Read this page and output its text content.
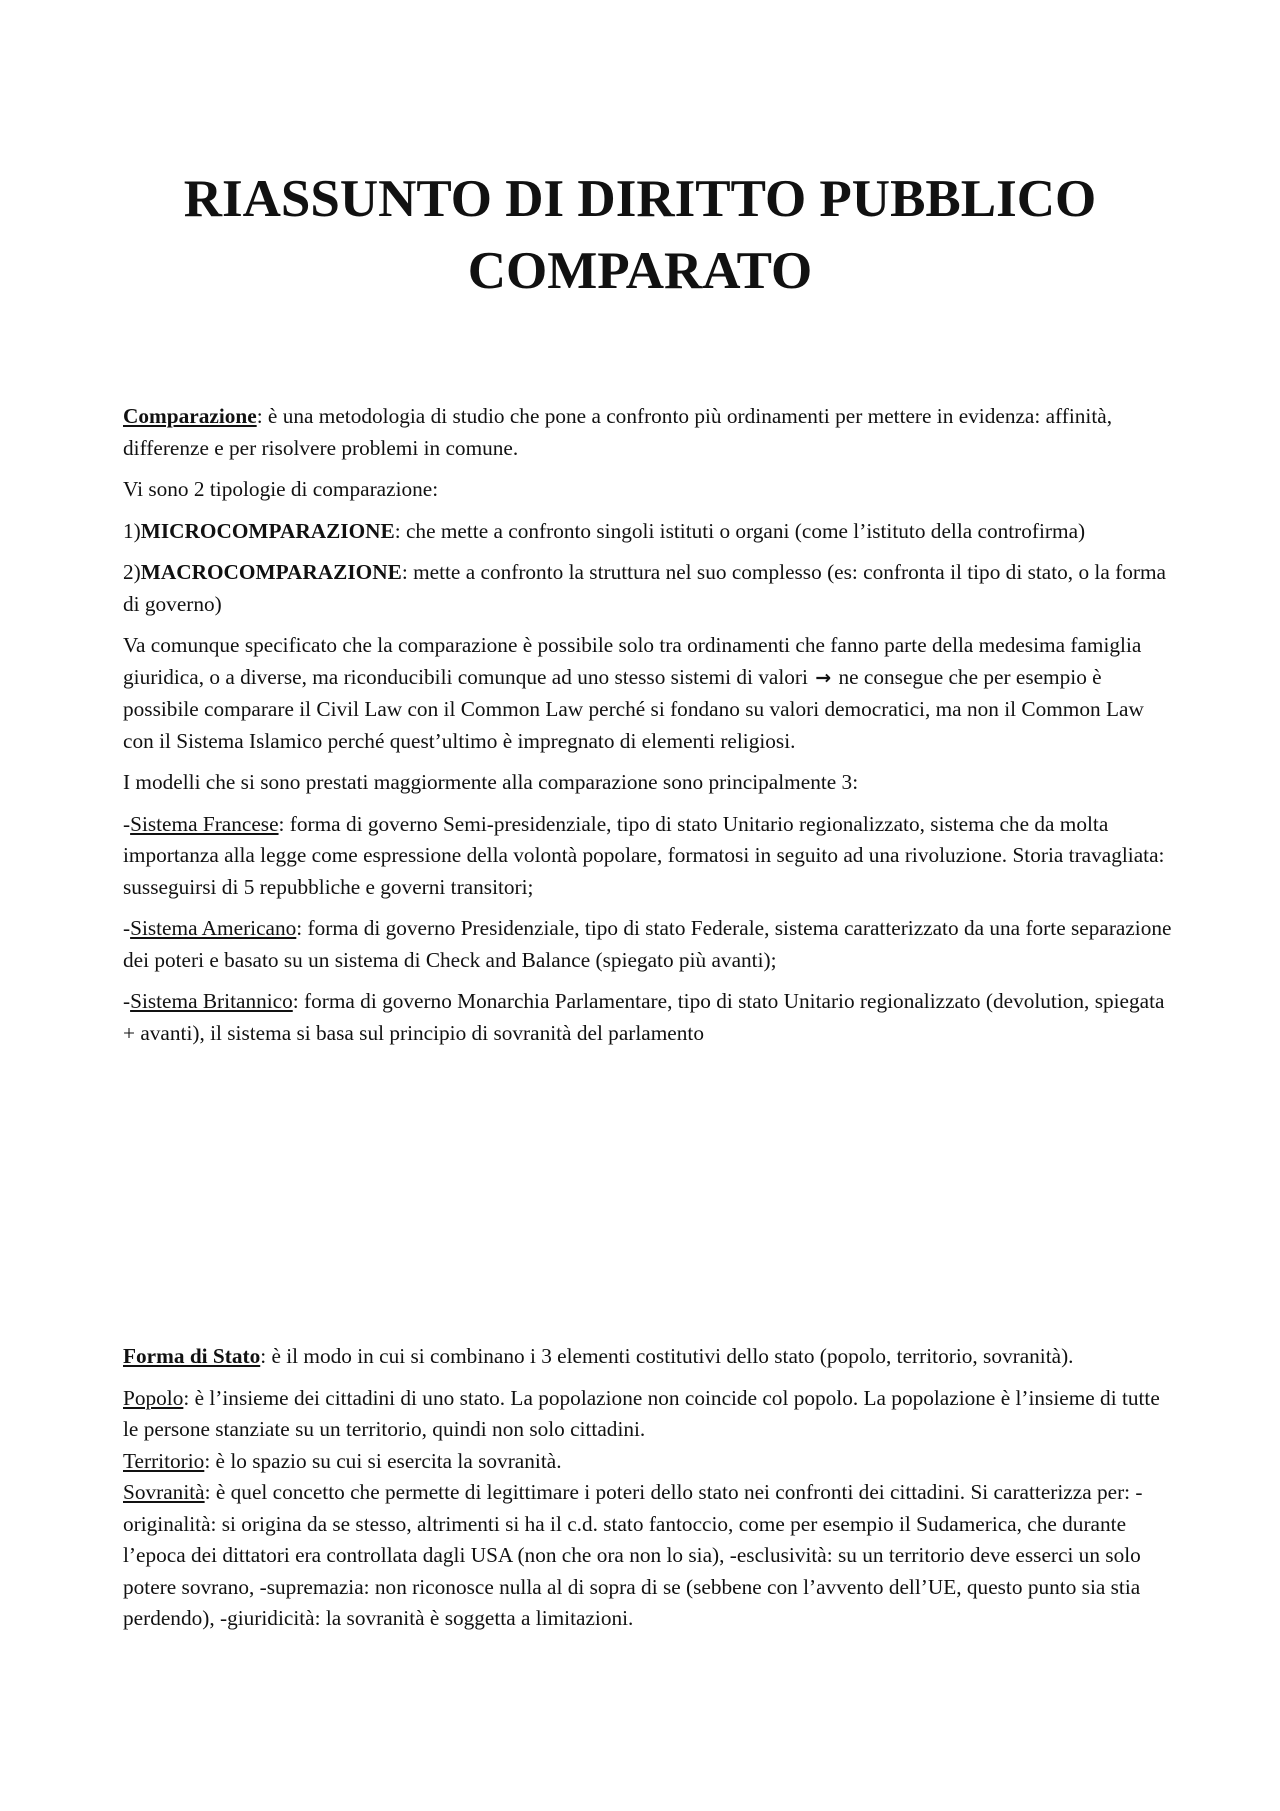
RIASSUNTO DI DIRITTO PUBBLICO
COMPARATO

Comparazione: è una metodologia di studio che pone a confronto più ordinamenti per mettere in evidenza: affinità, differenze e per risolvere problemi in comune.

Vi sono 2 tipologie di comparazione:

1)MICROCOMPARAZIONE: che mette a confronto singoli istituti o organi (come l’istituto della controfirma)

2)MACROCOMPARAZIONE: mette a confronto la struttura nel suo complesso (es: confronta il tipo di stato, o la forma di governo)

Va comunque specificato che la comparazione è possibile solo tra ordinamenti che fanno parte della medesima famiglia giuridica, o a diverse, ma riconducibili comunque ad uno stesso sistemi di valori → ne consegue che per esempio è possibile comparare il Civil Law con il Common Law perché si fondano su valori democratici, ma non il Common Law con il Sistema Islamico perché quest’ultimo è impregnato di elementi religiosi.

I modelli che si sono prestati maggiormente alla comparazione sono principalmente 3:

-Sistema Francese: forma di governo Semi-presidenziale, tipo di stato Unitario regionalizzato, sistema che da molta importanza alla legge come espressione della volontà popolare, formatosi in seguito ad una rivoluzione. Storia travagliata: susseguirsi di 5 repubbliche e governi transitori;

-Sistema Americano: forma di governo Presidenziale, tipo di stato Federale, sistema caratterizzato da una forte separazione dei poteri e basato su un sistema di Check and Balance (spiegato più avanti);

-Sistema Britannico: forma di governo Monarchia Parlamentare, tipo di stato Unitario regionalizzato (devolution, spiegata + avanti), il sistema si basa sul principio di sovranità del parlamento

Forma di Stato: è il modo in cui si combinano i 3 elementi costitutivi dello stato (popolo, territorio, sovranità).

Popolo: è l’insieme dei cittadini di uno stato. La popolazione non coincide col popolo. La popolazione è l’insieme di tutte le persone stanziate su un territorio, quindi non solo cittadini.

Territorio: è lo spazio su cui si esercita la sovranità.

Sovranità: è quel concetto che permette di legittimare i poteri dello stato nei confronti dei cittadini. Si caratterizza per: -originalità: si origina da se stesso, altrimenti si ha il c.d. stato fantoccio, come per esempio il Sudamerica, che durante l’epoca dei dittatori era controllata dagli USA (non che ora non lo sia), -esclusività: su un territorio deve esserci un solo potere sovrano, -supremazia: non riconosce nulla al di sopra di se (sebbene con l’avvento dell’UE, questo punto sia stia perdendo), -giuridicità: la sovranità è soggetta a limitazioni.
